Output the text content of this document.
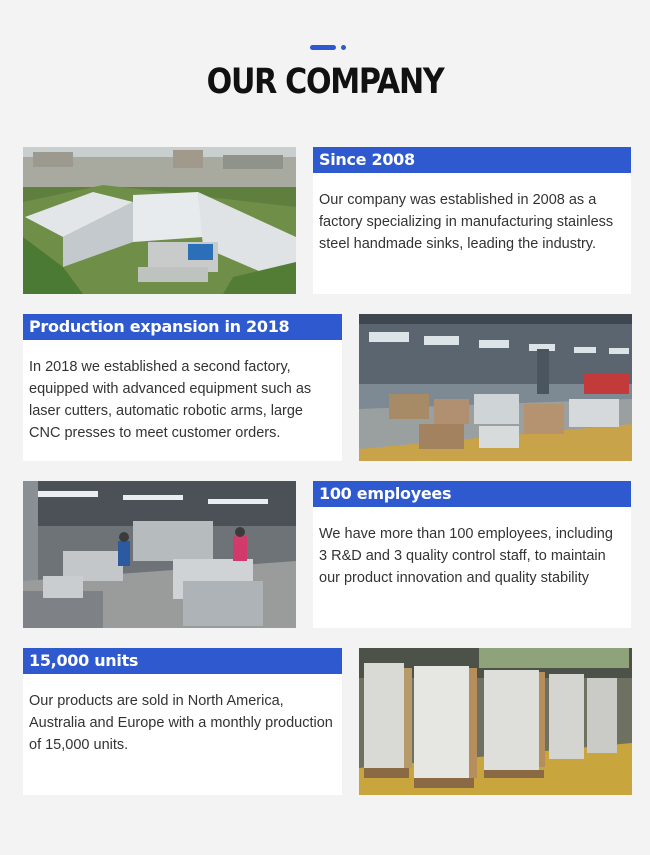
OUR COMPANY
Since 2008
Our company was established in 2008 as a factory specializing in manufacturing stainless steel handmade sinks, leading the industry.
Production expansion in 2018
In 2018 we established a second factory, equipped with advanced equipment such as laser cutters, automatic robotic arms, large CNC presses to meet customer orders.
100 employees
We have more than 100 employees, including 3 R&D and 3 quality control staff, to maintain our product innovation and quality stability
15,000 units
Our products are sold in North America, Australia and Europe with a monthly production of 15,000 units.
